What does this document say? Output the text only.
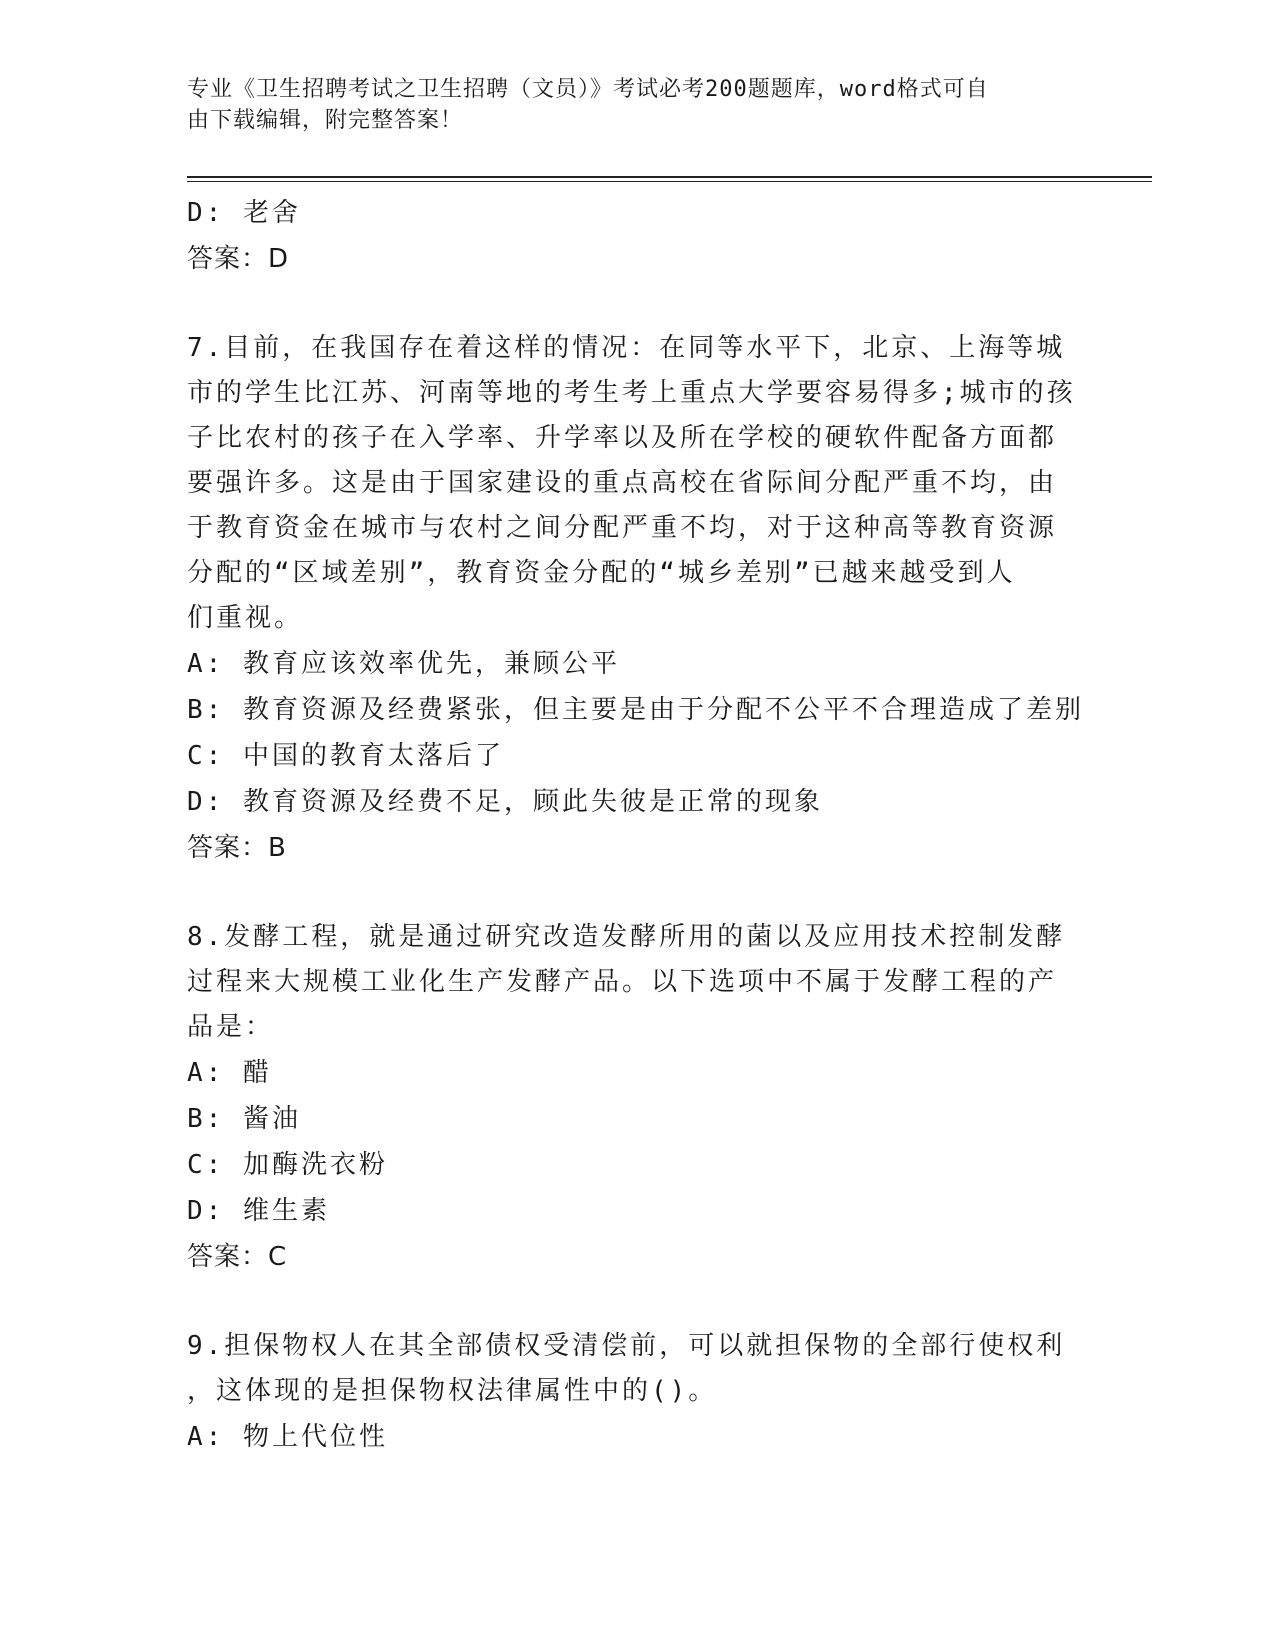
专业《卫生招聘考试之卫生招聘（文员）》考试必考200题题库，word格式可自
由下载编辑，附完整答案！
D: 老舍
答案：D
7.目前，在我国存在着这样的情况：在同等水平下，北京、上海等城
市的学生比江苏、河南等地的考生考上重点大学要容易得多;城市的孩
子比农村的孩子在入学率、升学率以及所在学校的硬软件配备方面都
要强许多。这是由于国家建设的重点高校在省际间分配严重不均，由
于教育资金在城市与农村之间分配严重不均，对于这种高等教育资源
分配的“区域差别”，教育资金分配的“城乡差别”已越来越受到人
们重视。
A: 教育应该效率优先，兼顾公平
B: 教育资源及经费紧张，但主要是由于分配不公平不合理造成了差别
C: 中国的教育太落后了
D: 教育资源及经费不足，顾此失彼是正常的现象
答案：B
8.发酵工程，就是通过研究改造发酵所用的菌以及应用技术控制发酵
过程来大规模工业化生产发酵产品。以下选项中不属于发酵工程的产
品是：
A: 醋
B: 酱油
C: 加酶洗衣粉
D: 维生素
答案：C
9.担保物权人在其全部债权受清偿前，可以就担保物的全部行使权利
，这体现的是担保物权法律属性中的()。
A: 物上代位性
